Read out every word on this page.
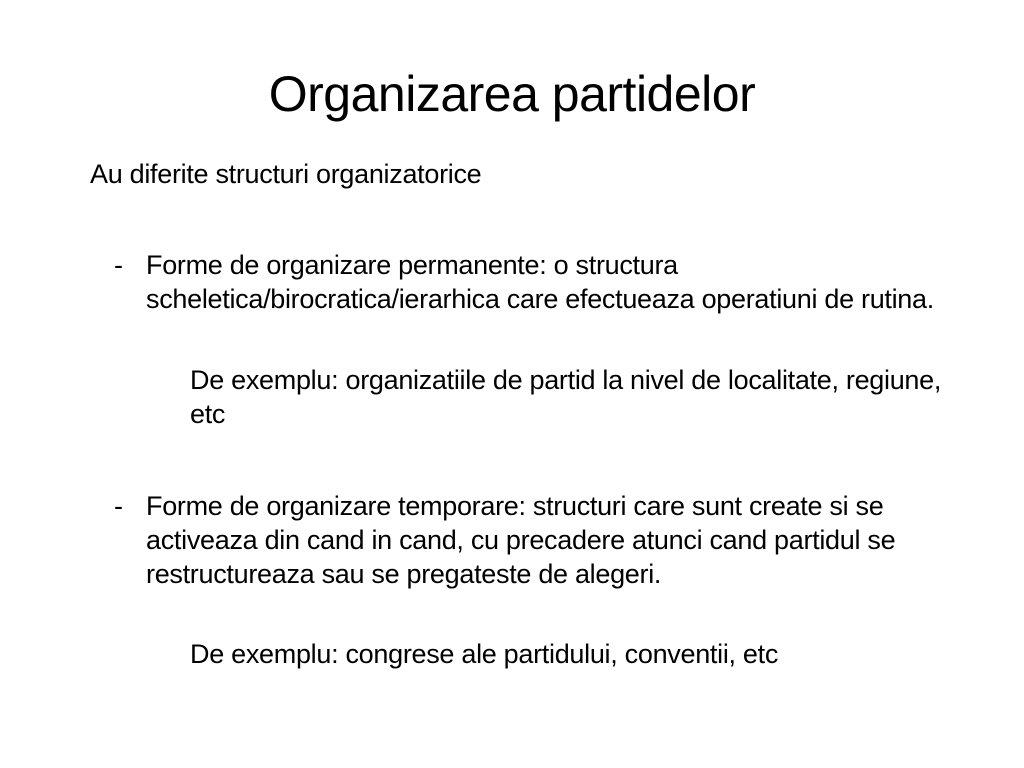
Organizarea partidelor
Au diferite structuri organizatorice
- Forme de organizare permanente: o structura scheletica/birocratica/ierarhica care efectueaza operatiuni de rutina.
De exemplu: organizatiile de partid la nivel de localitate, regiune, etc
- Forme de organizare temporare: structuri care sunt create si se activeaza din cand in cand, cu precadere atunci cand partidul se restructureaza sau se pregateste de alegeri.
De exemplu: congrese ale partidului, conventii, etc
